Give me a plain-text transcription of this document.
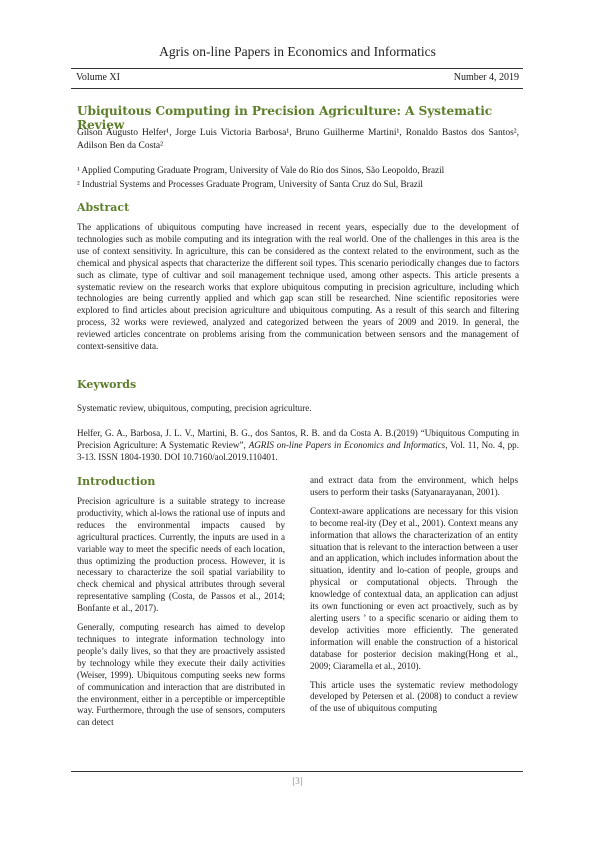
Agris on-line Papers in Economics and Informatics
Volume XI	Number 4, 2019
Ubiquitous Computing in Precision Agriculture: A Systematic Review
Gilson Augusto Helfer¹, Jorge Luis Victoria Barbosa¹, Bruno Guilherme Martini¹, Ronaldo Bastos dos Santos², Adilson Ben da Costa²
¹ Applied Computing Graduate Program, University of Vale do Rio dos Sinos, São Leopoldo, Brazil
² Industrial Systems and Processes Graduate Program, University of Santa Cruz do Sul, Brazil
Abstract

The applications of ubiquitous computing have increased in recent years, especially due to the development of technologies such as mobile computing and its integration with the real world. One of the challenges in this area is the use of context sensitivity. In agriculture, this can be considered as the context related to the environment, such as the chemical and physical aspects that characterize the different soil types. This scenario periodically changes due to factors such as climate, type of cultivar and soil management technique used, among other aspects. This article presents a systematic review on the research works that explore ubiquitous computing in precision agriculture, including which technologies are being currently applied and which gap scan still be researched. Nine scientific repositories were explored to find articles about precision agriculture and ubiquitous computing. As a result of this search and filtering process, 32 works were reviewed, analyzed and categorized between the years of 2009 and 2019. In general, the reviewed articles concentrate on problems arising from the communication between sensors and the management of context-sensitive data.

Keywords

Systematic review, ubiquitous, computing, precision agriculture.

Helfer, G. A., Barbosa, J. L. V., Martini, B. G., dos Santos, R. B. and da Costa A. B.(2019) “Ubiquitous Computing in Precision Agriculture: A Systematic Review”, AGRIS on-line Papers in Economics and Informatics, Vol. 11, No. 4, pp. 3-13. ISSN 1804-1930. DOI 10.7160/aol.2019.110401.

Introduction

Precision agriculture is a suitable strategy to increase productivity, which al-lows the rational use of inputs and reduces the environmental impacts caused by agricultural practices. Currently, the inputs are used in a variable way to meet the specific needs of each location, thus optimizing the production process. However, it is necessary to characterize the soil spatial variability to check chemical and physical attributes through several representative sampling (Costa, de Passos et al., 2014; Bonfante et al., 2017).

Generally, computing research has aimed to develop techniques to integrate information technology into people’s daily lives, so that they are proactively assisted by technology while they execute their daily activities (Weiser, 1999). Ubiquitous computing seeks new forms of communication and interaction that are distributed in the environment, either in a perceptible or imperceptible way. Furthermore, through the use of sensors, computers can detect

and extract data from the environment, which helps users to perform their tasks (Satyanarayanan, 2001).

Context-aware applications are necessary for this vision to become real-ity (Dey et al., 2001). Context means any information that allows the characterization of an entity situation that is relevant to the interaction between a user and an application, which includes information about the situation, identity and lo-cation of people, groups and physical or computational objects. Through the knowledge of contextual data, an application can adjust its own functioning or even act proactively, such as by alerting users ’ to a specific scenario or aiding them to develop activities more efficiently. The generated information will enable the construction of a historical database for posterior decision making(Hong et al., 2009; Ciaramella et al., 2010).

This article uses the systematic review methodology developed by Petersen et al. (2008) to conduct a review of the use of ubiquitous computing

[3]
